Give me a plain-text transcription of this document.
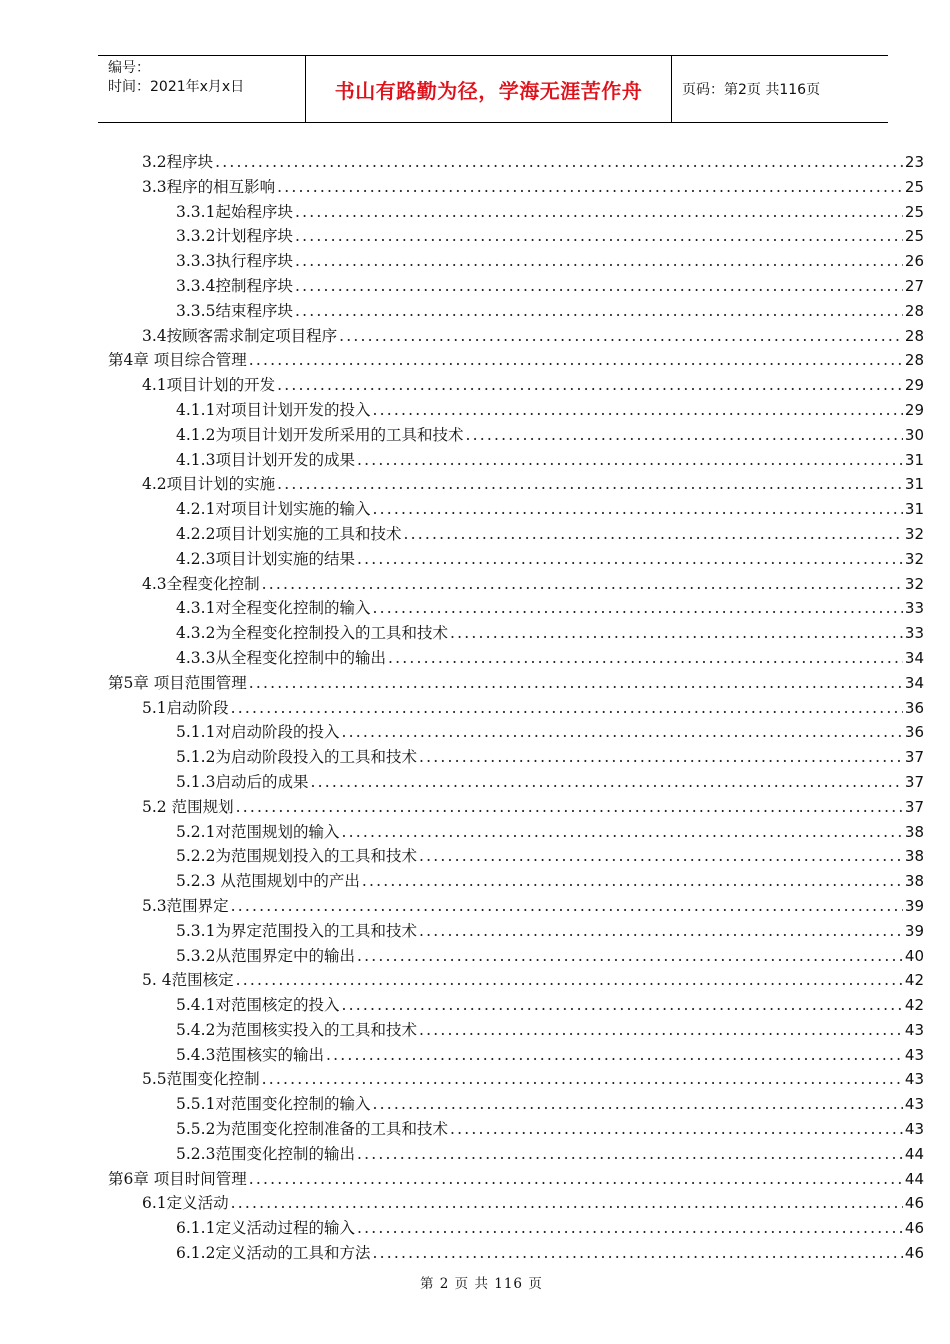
编号：
时间：2021年x月x日	书山有路勤为径，学海无涯苦作舟	页码：第2页 共116页
3.2程序块 .....	23
3.3程序的相互影响 .....	25
3.3.1起始程序块 .....	25
3.3.2计划程序块 .....	25
3.3.3执行程序块 .....	26
3.3.4控制程序块 .....	27
3.3.5结束程序块 .....	28
3.4按顾客需求制定项目程序 .....	28
第4章 项目综合管理 .....	28
4.1项目计划的开发 .....	29
4.1.1对项目计划开发的投入 .....	29
4.1.2为项目计划开发所采用的工具和技术 .....	30
4.1.3项目计划开发的成果 .....	31
4.2项目计划的实施 .....	31
4.2.1对项目计划实施的输入 .....	31
4.2.2项目计划实施的工具和技术 .....	32
4.2.3项目计划实施的结果 .....	32
4.3全程变化控制 .....	32
4.3.1对全程变化控制的输入 .....	33
4.3.2为全程变化控制投入的工具和技术 .....	33
4.3.3从全程变化控制中的输出 .....	34
第5章 项目范围管理 .....	34
5.1启动阶段 .....	36
5.1.1对启动阶段的投入 .....	36
5.1.2为启动阶段投入的工具和技术 .....	37
5.1.3启动后的成果 .....	37
5.2 范围规划 .....	37
5.2.1对范围规划的输入 .....	38
5.2.2为范围规划投入的工具和技术 .....	38
5.2.3 从范围规划中的产出 .....	38
5.3范围界定 .....	39
5.3.1为界定范围投入的工具和技术 .....	39
5.3.2从范围界定中的输出 .....	40
5. 4范围核定 .....	42
5.4.1对范围核定的投入 .....	42
5.4.2为范围核实投入的工具和技术 .....	43
5.4.3范围核实的输出 .....	43
5.5范围变化控制 .....	43
5.5.1对范围变化控制的输入 .....	43
5.5.2为范围变化控制准备的工具和技术 .....	43
5.2.3范围变化控制的输出 .....	44
第6章 项目时间管理 .....	44
6.1定义活动 .....	46
6.1.1定义活动过程的输入 .....	46
6.1.2定义活动的工具和方法 .....	46
第 2 页 共 116 页
